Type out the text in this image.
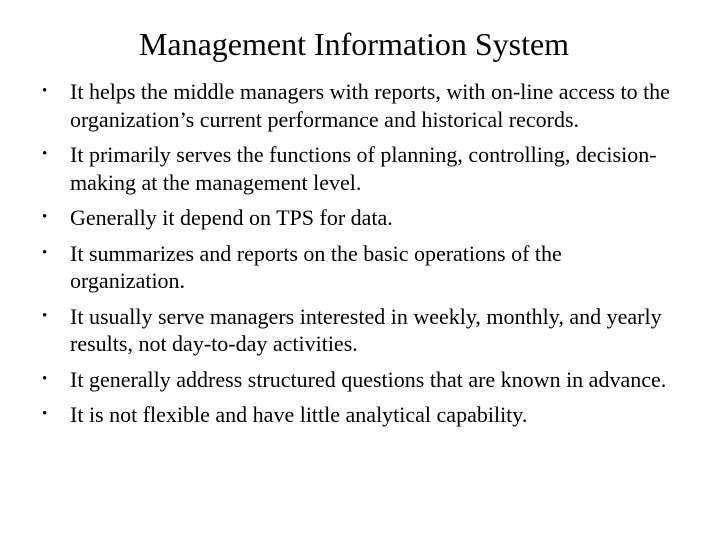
Management Information System
•	It helps the middle managers with reports, with on-line access to the organization’s current performance and historical records.
•	It primarily serves the functions of planning, controlling, decision-making at the management level.
•	Generally it depend on TPS for data.
•	It summarizes and reports on the basic operations of the organization.
•	It usually serve managers interested in weekly, monthly, and yearly results, not day-to-day activities.
•	It generally address structured questions that are known in advance.
•	It is not flexible and have little analytical capability.
